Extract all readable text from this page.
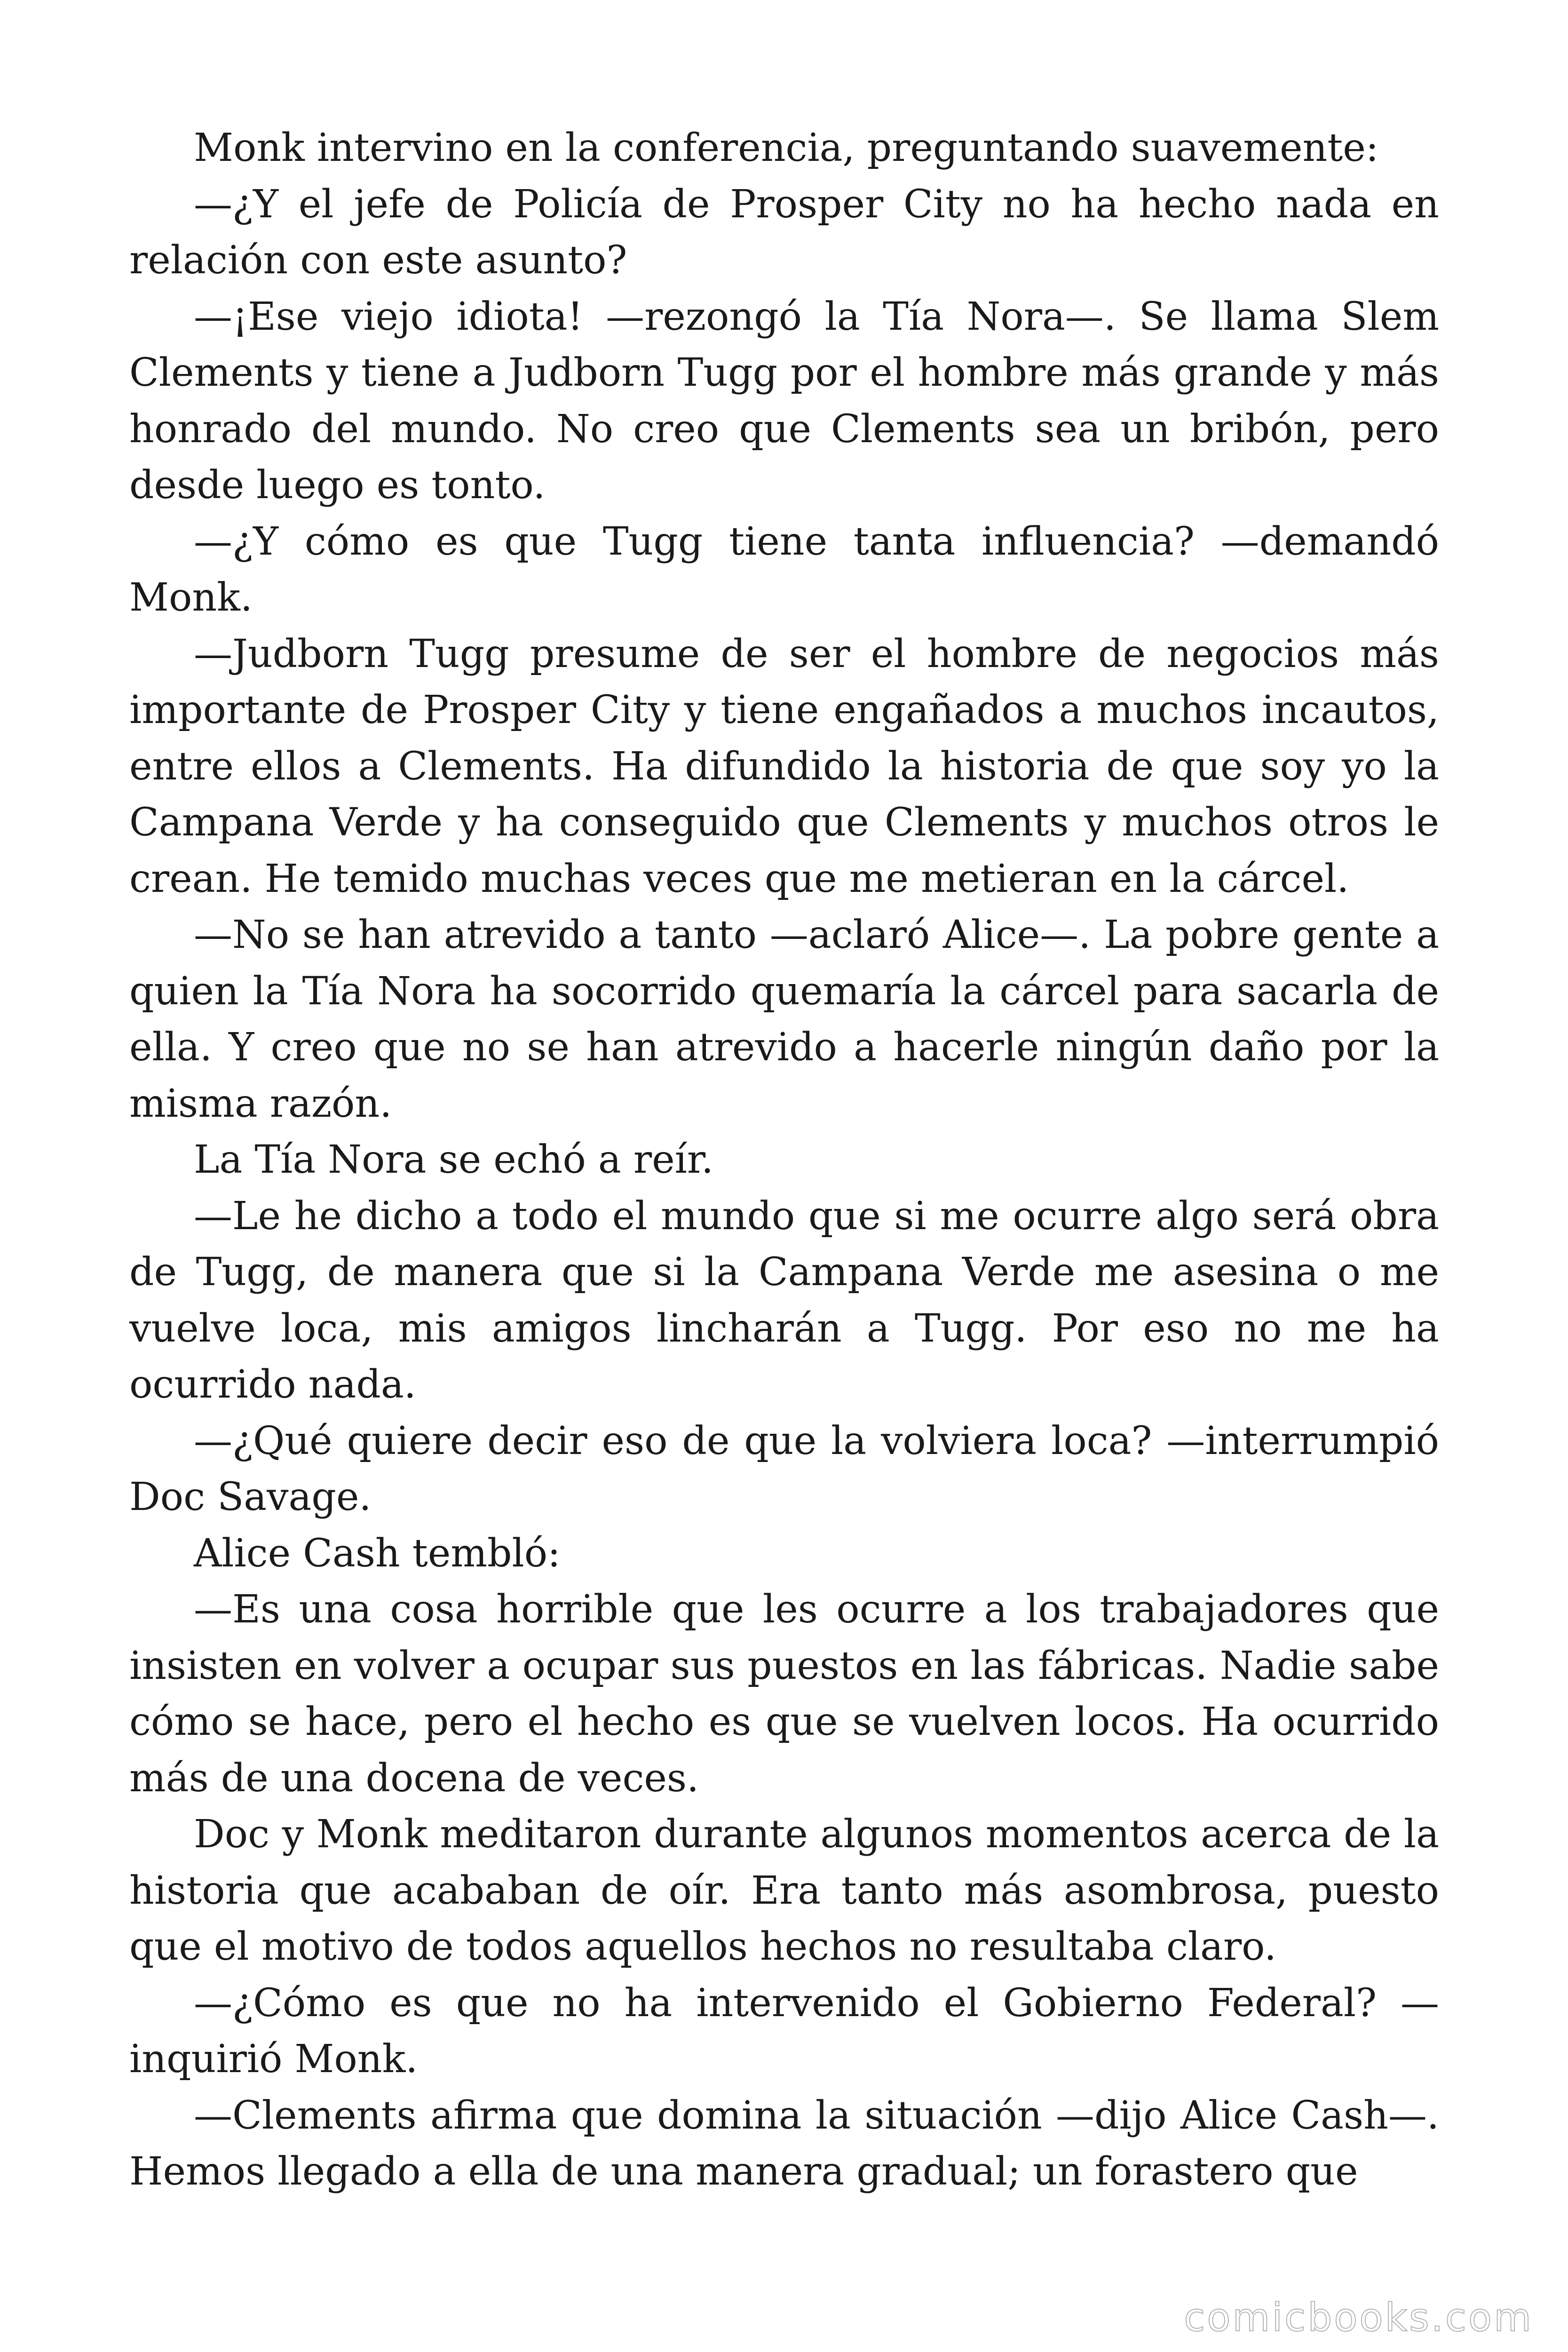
Monk intervino en la conferencia, preguntando suavemente:

—¿Y el jefe de Policía de Prosper City no ha hecho nada en relación con este asunto?

—¡Ese viejo idiota! —rezongó la Tía Nora—. Se llama Slem Clements y tiene a Judborn Tugg por el hombre más grande y más honrado del mundo. No creo que Clements sea un bribón, pero desde luego es tonto.

—¿Y cómo es que Tugg tiene tanta influencia? —demandó Monk.

—Judborn Tugg presume de ser el hombre de negocios más importante de Prosper City y tiene engañados a muchos incautos, entre ellos a Clements. Ha difundido la historia de que soy yo la Campana Verde y ha conseguido que Clements y muchos otros le crean. He temido muchas veces que me metieran en la cárcel.

—No se han atrevido a tanto —aclaró Alice—. La pobre gente a quien la Tía Nora ha socorrido quemaría la cárcel para sacarla de ella. Y creo que no se han atrevido a hacerle ningún daño por la misma razón.

La Tía Nora se echó a reír.

—Le he dicho a todo el mundo que si me ocurre algo será obra de Tugg, de manera que si la Campana Verde me asesina o me vuelve loca, mis amigos lincharán a Tugg. Por eso no me ha ocurrido nada.

—¿Qué quiere decir eso de que la volviera loca? —interrumpió Doc Savage.

Alice Cash tembló:

—Es una cosa horrible que les ocurre a los trabajadores que insisten en volver a ocupar sus puestos en las fábricas. Nadie sabe cómo se hace, pero el hecho es que se vuelven locos. Ha ocurrido más de una docena de veces.

Doc y Monk meditaron durante algunos momentos acerca de la historia que acababan de oír. Era tanto más asombrosa, puesto que el motivo de todos aquellos hechos no resultaba claro.

—¿Cómo es que no ha intervenido el Gobierno Federal? —inquirió Monk.

—Clements afirma que domina la situación —dijo Alice Cash—. Hemos llegado a ella de una manera gradual; un forastero que

comicbooks.com
